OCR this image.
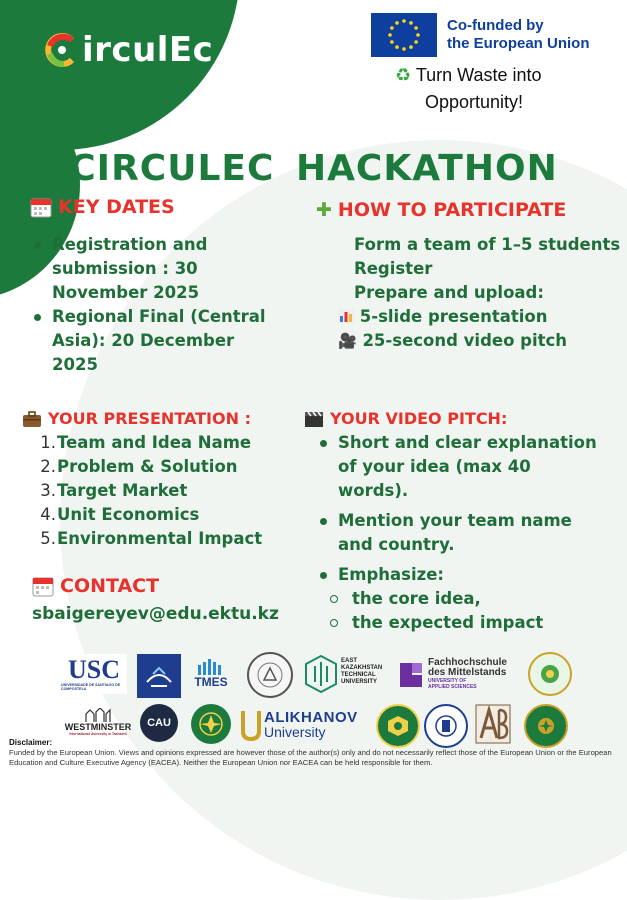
irculEc
Co-funded by
the European Union
♻ Turn Waste into
Opportunity!
CIRCULEC HACKATHON
KEY DATES
Registration and
submission : 30
November 2025
Regional Final (Central
Asia): 20 December
2025
✚ HOW TO PARTICIPATE
Form a team of 1–5 students
Register
Prepare and upload:
5-slide presentation
🎥 25-second video pitch
YOUR PRESENTATION :
1. Team and Idea Name
2. Problem & Solution
3. Target Market
4. Unit Economics
5. Environmental Impact
YOUR VIDEO PITCH:
Short and clear explanation
of your idea (max 40
words).
Mention your team name
and country.
Emphasize:
the core idea,
the expected impact
CONTACT
sbaigereyev@edu.ektu.kz
USC
UNIVERSIDADE DE SANTIAGO DE COMPOSTELA	TMES
EAST
KAZAKHSTAN
TECHNICAL
UNIVERSITY
Fachhochschule
des Mittelstands
UNIVERSITY OF
APPLIED SCIENCES
WESTMINSTER
International University in Tashkent
CAU	ALIKHANOV
University
Disclaimer:
Funded by the European Union. Views and opinions expressed are however those of the author(s) only and do not necessarily reflect those of the European Union or the European Education and Culture Executive Agency (EACEA). Neither the European Union nor EACEA can be held responsible for them.
